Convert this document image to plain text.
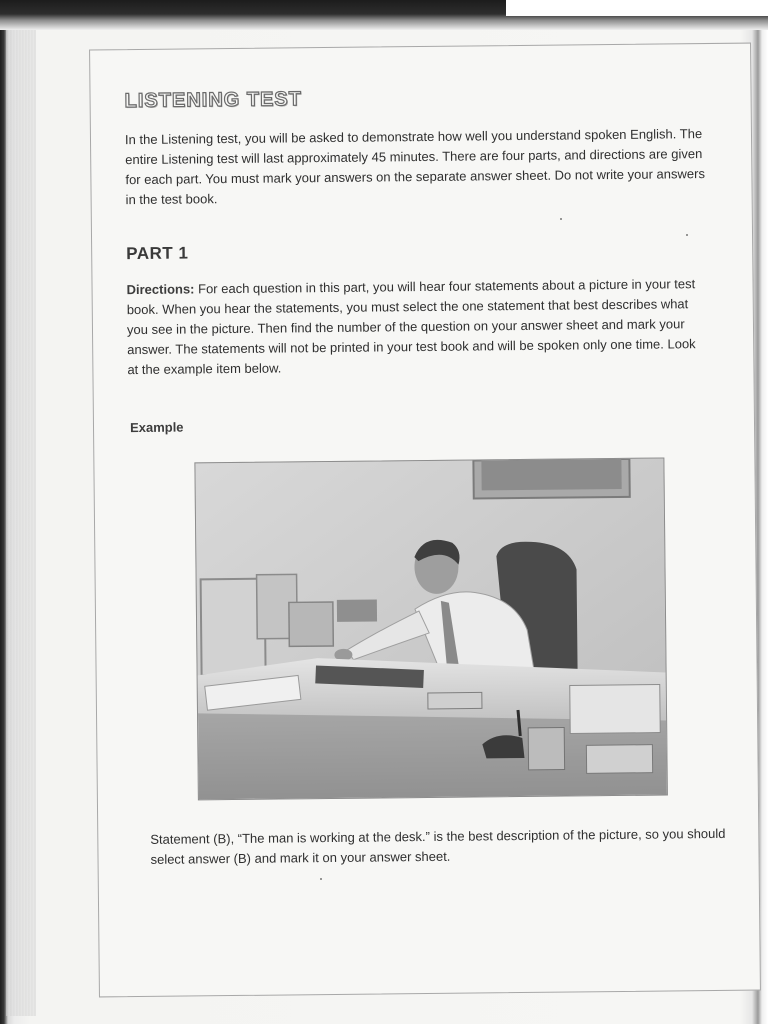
LISTENING TEST
In the Listening test, you will be asked to demonstrate how well you understand spoken English. The entire Listening test will last approximately 45 minutes. There are four parts, and directions are given for each part. You must mark your answers on the separate answer sheet. Do not write your answers in the test book.
PART 1
Directions: For each question in this part, you will hear four statements about a picture in your test book. When you hear the statements, you must select the one statement that best describes what you see in the picture. Then find the number of the question on your answer sheet and mark your answer. The statements will not be printed in your test book and will be spoken only one time. Look at the example item below.
Example
Statement (B), “The man is working at the desk.” is the best description of the picture, so you should select answer (B) and mark it on your answer sheet.
